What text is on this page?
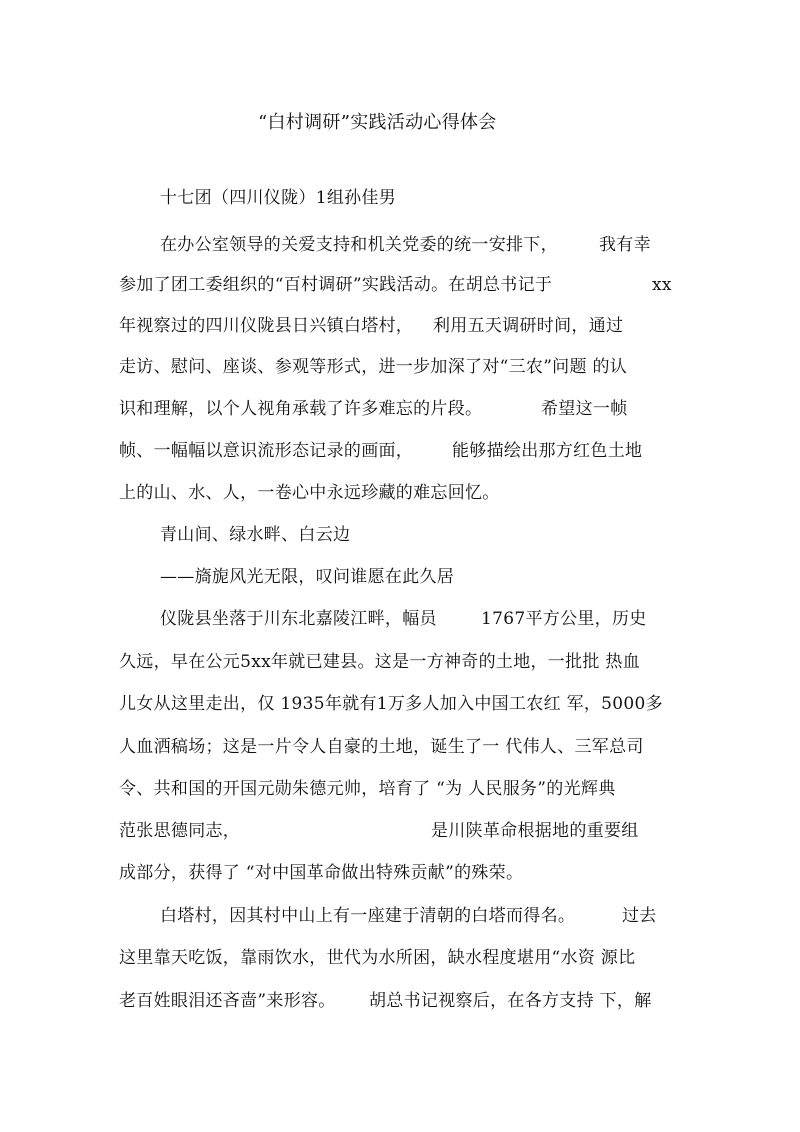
“白村调研”实践活动心得体会
十七团（四川仪陇）1组孙佳男
在办公室领导的关爱支持和机关党委的统一安排下， 我有幸
参加了团工委组织的“百村调研”实践活动。在胡总书记于	xx
年视察过的四川仪陇县日兴镇白塔村， 利用五天调研时间，通过
走访、慰问、座谈、参观等形式，进一步加深了对“三农”问题 的认
识和理解，以个人视角承载了许多难忘的片段。	希望这一帧
帧、一幅幅以意识流形态记录的画面， 能够描绘出那方红色土地
上的山、水、人，一卷心中永远珍藏的难忘回忆。
青山间、绿水畔、白云边
——旖旎风光无限，叹问谁愿在此久居
仪陇县坐落于川东北嘉陵江畔，幅员	1767平方公里，历史
久远，早在公元5xx年就已建县。这是一方神奇的土地，一批批 热血
儿女从这里走出，仅 1935年就有1万多人加入中国工农红 军，5000多
人血洒稿场；这是一片令人自豪的土地，诞生了一 代伟人、三军总司
令、共和国的开国元勋朱德元帅，培育了 “为 人民服务”的光辉典
范张思德同志，	是川陕革命根据地的重要组
成部分，获得了 “对中国革命做出特殊贡献”的殊荣。
白塔村，因其村中山上有一座建于清朝的白塔而得名。	过去
这里靠天吃饭，靠雨饮水，世代为水所困，缺水程度堪用“水资 源比
老百姓眼泪还吝啬”来形容。 胡总书记视察后，在各方支持 下，解
